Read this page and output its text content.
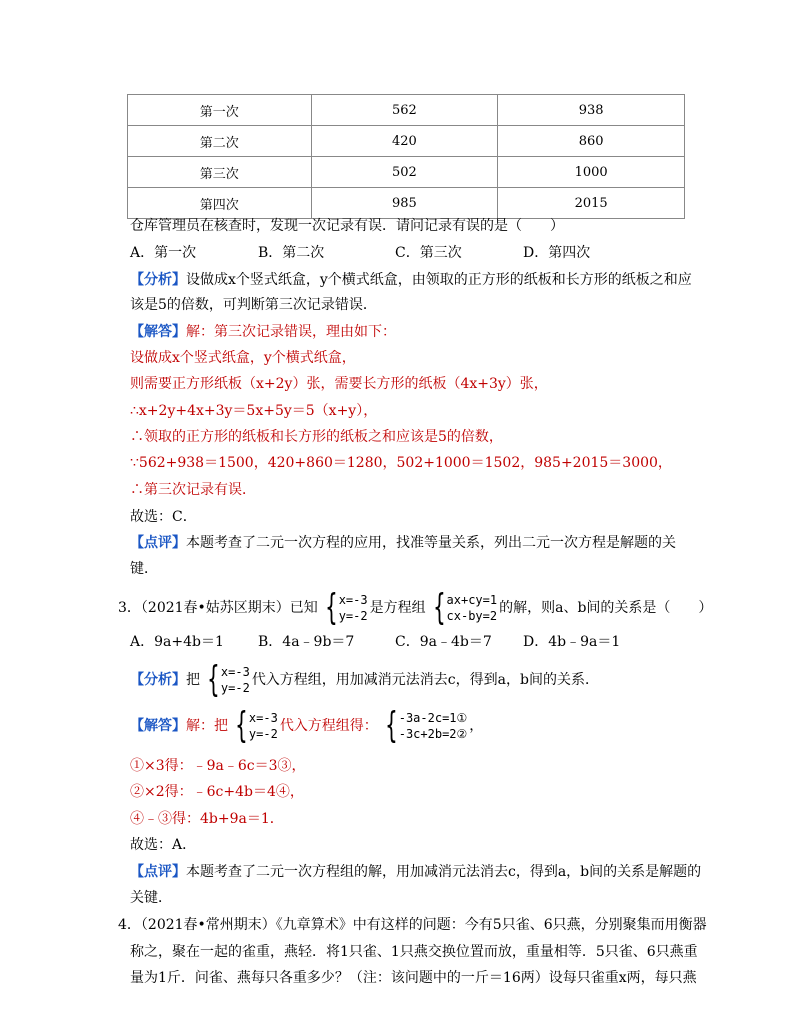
第一次	562	938
第二次	420	860
第三次	502	1000
第四次	985	2015
仓库管理员在核查时，发现一次记录有误．请问记录有误的是（　　）
A．第一次	B．第二次	C．第三次	D．第四次
【分析】设做成x个竖式纸盒，y个横式纸盒，由领取的正方形的纸板和长方形的纸板之和应
该是5的倍数，可判断第三次记录错误．
【解答】解：第三次记录错误，理由如下：
设做成x个竖式纸盒，y个横式纸盒，
则需要正方形纸板（x+2y）张，需要长方形的纸板（4x+3y）张，
∴x+2y+4x+3y＝5x+5y＝5（x+y），
∴领取的正方形的纸板和长方形的纸板之和应该是5的倍数，
∵562+938＝1500，420+860＝1280，502+1000＝1502，985+2015＝3000，
∴第三次记录有误．
故选：C．
【点评】本题考查了二元一次方程的应用，找准等量关系，列出二元一次方程是解题的关
键．
3．（2021春•姑苏区期末）已知 { x=-3
y=-2 是方程组 { ax+cy=1
cx-by=2 的解，则a、b间的关系是（　　）
A．9a+4b＝1 B．4a﹣9b＝7	C．9a﹣4b＝7 D．4b﹣9a＝1
【分析】把 { x=-3
y=-2 代入方程组，用加减消元法消去c，得到a，b间的关系．
【解答】解：把 { x=-3
y=-2 代入方程组得： { -3a-2c=1①
-3c+2b=2② ，
①×3得：﹣9a﹣6c＝3③，
②×2得：﹣6c+4b＝4④，
④﹣③得：4b+9a＝1．
故选：A．
【点评】本题考查了二元一次方程组的解，用加减消元法消去c，得到a，b间的关系是解题的
关键．
4．（2021春•常州期末）《九章算术》中有这样的问题：今有5只雀、6只燕，分别聚集而用衡器
称之，聚在一起的雀重，燕轻．将1只雀、1只燕交换位置而放，重量相等．5只雀、6只燕重
量为1斤．问雀、燕每只各重多少？（注：该问题中的一斤＝16两）设每只雀重x两，每只燕
